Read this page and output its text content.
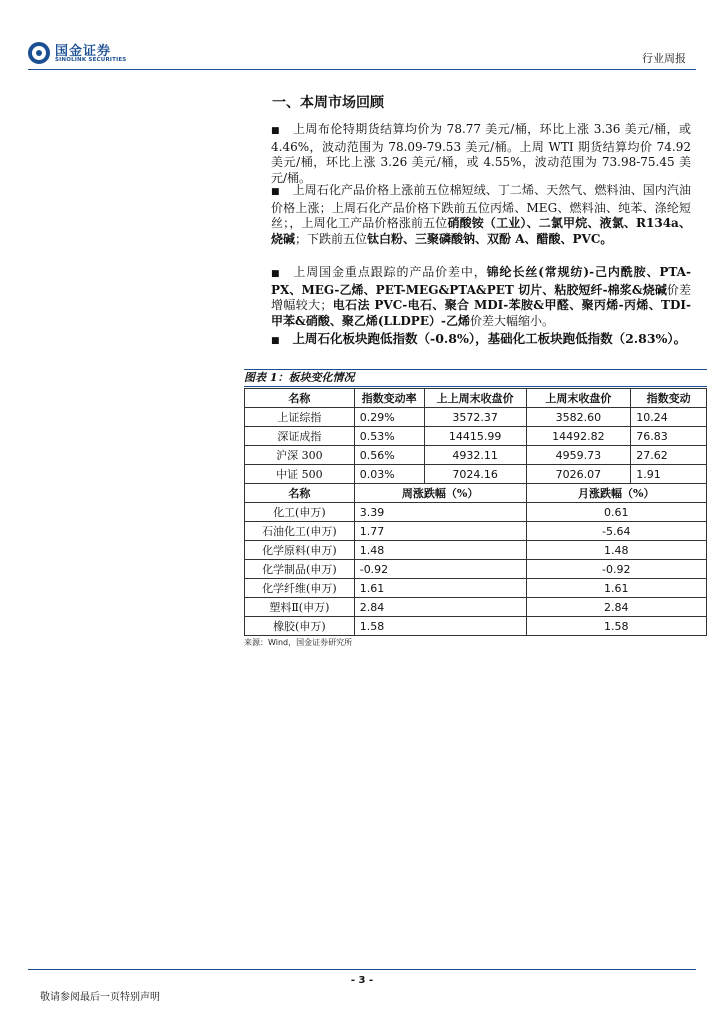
国金证券
SINOLINK SECURITIES	行业周报
一、本周市场回顾
■ 上周布伦特期货结算均价为 78.77 美元/桶，环比上涨 3.36 美元/桶，或 4.46%，波动范围为 78.09-79.53 美元/桶。上周 WTI 期货结算均价 74.92 美元/桶，环比上涨 3.26 美元/桶，或 4.55%，波动范围为 73.98-75.45 美元/桶。
■ 上周石化产品价格上涨前五位棉短绒、丁二烯、天然气、燃料油、国内汽油价格上涨；上周石化产品价格下跌前五位丙烯、MEG、燃料油、纯苯、涤纶短丝；，上周化工产品价格涨前五位硝酸铵（工业）、二氯甲烷、液氯、R134a、烧碱；下跌前五位钛白粉、三聚磷酸钠、双酚 A、醋酸、PVC。
■ 上周国金重点跟踪的产品价差中，锦纶长丝(常规纺)-己内酰胺、PTA-PX、MEG-乙烯、PET-MEG&PTA&PET 切片、粘胶短纤-棉浆&烧碱价差增幅较大；电石法 PVC-电石、聚合 MDI-苯胺&甲醛、聚丙烯-丙烯、TDI-甲苯&硝酸、聚乙烯(LLDPE）-乙烯价差大幅缩小。
■ 上周石化板块跑低指数（-0.8%），基础化工板块跑低指数（2.83%）。
图表 1：板块变化情况
名称	指数变动率	上上周末收盘价	上周末收盘价	指数变动
上证综指	0.29%	3572.37	3582.60	10.24
深证成指	0.53%	14415.99	14492.82	76.83
沪深 300	0.56%	4932.11	4959.73	27.62
中证 500	0.03%	7024.16	7026.07	1.91
名称	周涨跌幅（%）		月涨跌幅（%）	
化工(申万)	3.39		0.61	
石油化工(申万)	1.77		-5.64	
化学原料(申万)	1.48		1.48	
化学制品(申万)	-0.92		-0.92	
化学纤维(申万)	1.61		1.61	
塑料Ⅱ(申万)	2.84		2.84	
橡胶(申万)	1.58		1.58	
来源：Wind，国金证券研究所
- 3 -
敬请参阅最后一页特别声明
